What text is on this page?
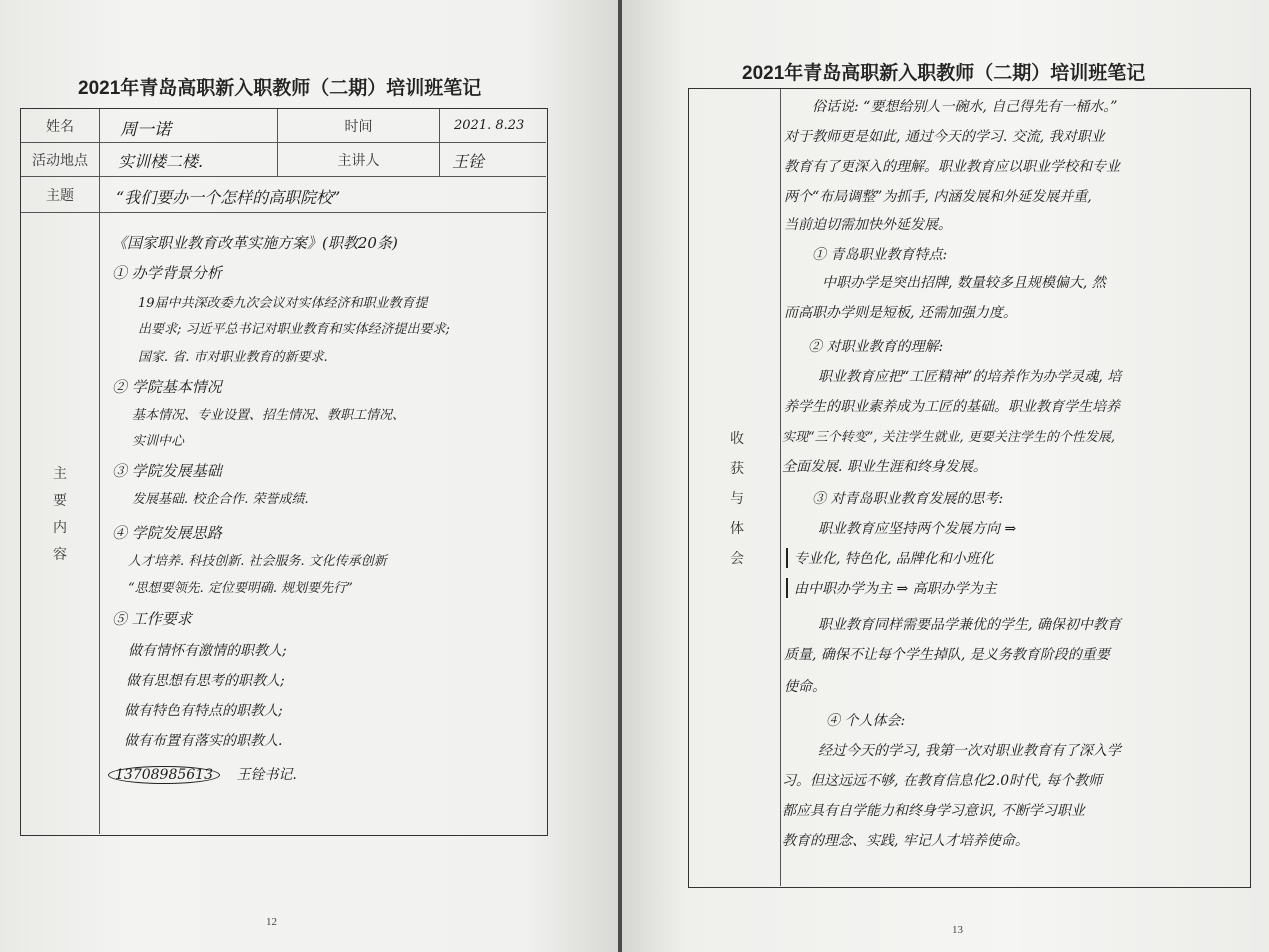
2021年青岛高职新入职教师（二期）培训班笔记
姓名	周一诺	时间	2021. 8.23
活动地点	实训楼二楼.	主讲人	王铨
主题	“我们要办一个怎样的高职院校”
主
要
内
容
《国家职业教育改革实施方案》(职教20条)
① 办学背景分析
19届中共深改委九次会议对实体经济和职业教育提
出要求; 习近平总书记对职业教育和实体经济提出要求;
国家. 省. 市对职业教育的新要求.
② 学院基本情况
基本情况、专业设置、招生情况、教职工情况、
实训中心
③ 学院发展基础
发展基础. 校企合作. 荣誉成绩.
④ 学院发展思路
人才培养. 科技创新. 社会服务. 文化传承创新
“思想要领先. 定位要明确. 规划要先行”
⑤ 工作要求
做有情怀有激情的职教人;
做有思想有思考的职教人;
做有特色有特点的职教人;
做有布置有落实的职教人.
13708985613 王铨书记.
12
2021年青岛高职新入职教师（二期）培训班笔记
收
获
与
体
会
俗话说: “要想给别人一碗水, 自己得先有一桶水。”
对于教师更是如此, 通过今天的学习. 交流, 我对职业
教育有了更深入的理解。职业教育应以职业学校和专业
两个“布局调整”为抓手, 内涵发展和外延发展并重,
当前迫切需加快外延发展。
① 青岛职业教育特点:
中职办学是突出招牌, 数量较多且规模偏大, 然
而高职办学则是短板, 还需加强力度。
② 对职业教育的理解:
职业教育应把“工匠精神”的培养作为办学灵魂, 培
养学生的职业素养成为工匠的基础。职业教育学生培养
实现“三个转变”, 关注学生就业, 更要关注学生的个性发展,
全面发展. 职业生涯和终身发展。
③ 对青岛职业教育发展的思考:
职业教育应坚持两个发展方向 ⇒
专业化, 特色化, 品牌化和小班化
由中职办学为主 ⇒ 高职办学为主
职业教育同样需要品学兼优的学生, 确保初中教育
质量, 确保不让每个学生掉队, 是义务教育阶段的重要
使命。
④ 个人体会:
经过今天的学习, 我第一次对职业教育有了深入学
习。但这远远不够, 在教育信息化2.0时代, 每个教师
都应具有自学能力和终身学习意识, 不断学习职业
教育的理念、实践, 牢记人才培养使命。
13
